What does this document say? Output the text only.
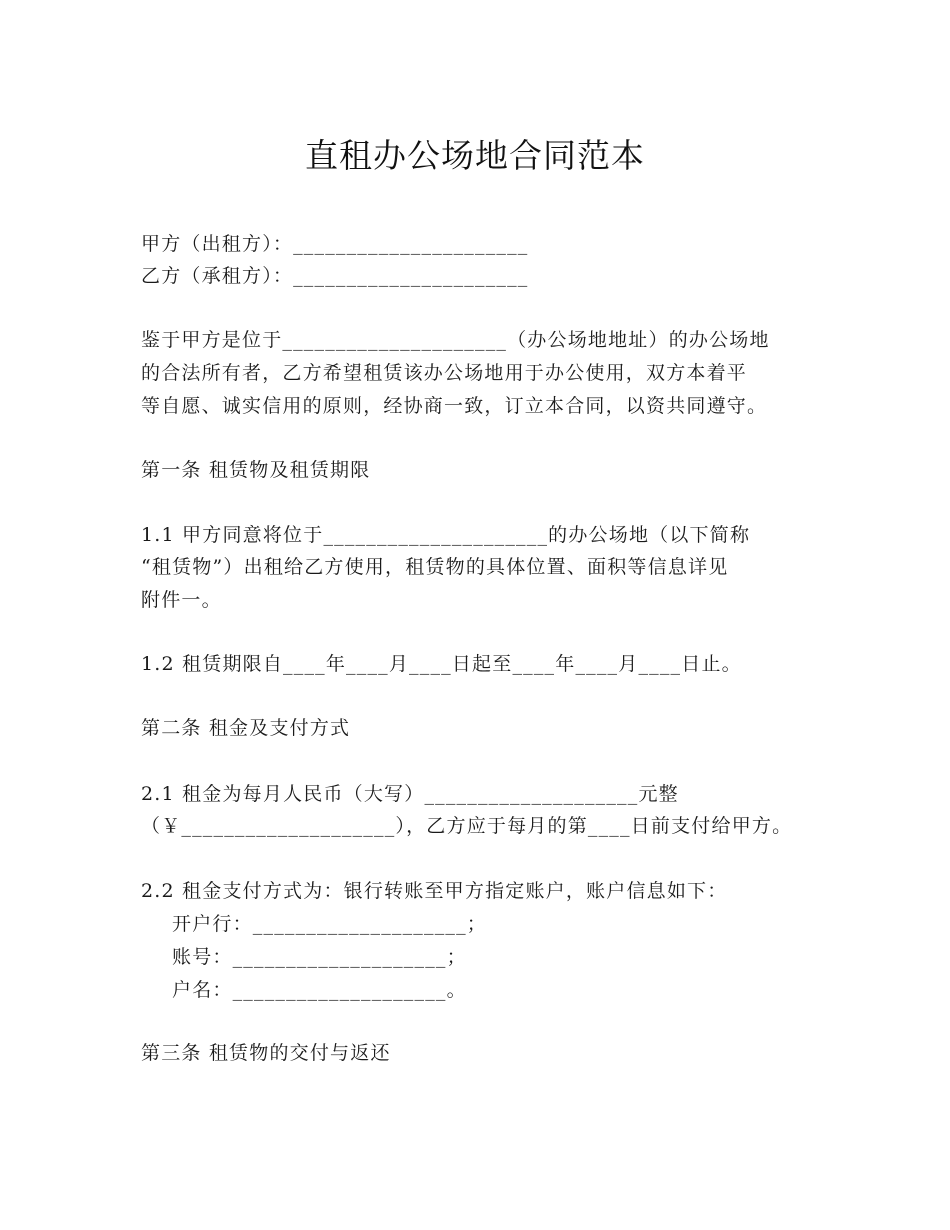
直租办公场地合同范本
甲方（出租方）：______________________
乙方（承租方）：______________________
鉴于甲方是位于_____________________（办公场地地址）的办公场地
的合法所有者，乙方希望租赁该办公场地用于办公使用，双方本着平
等自愿、诚实信用的原则，经协商一致，订立本合同，以资共同遵守。
第一条 租赁物及租赁期限
1.1 甲方同意将位于_____________________的办公场地（以下简称
“租赁物”）出租给乙方使用，租赁物的具体位置、面积等信息详见
附件一。
1.2 租赁期限自____年____月____日起至____年____月____日止。
第二条 租金及支付方式
2.1 租金为每月人民币（大写）____________________元整
（￥____________________），乙方应于每月的第____日前支付给甲方。
2.2 租金支付方式为：银行转账至甲方指定账户，账户信息如下：
开户行：____________________；
账号：____________________；
户名：____________________。
第三条 租赁物的交付与返还
